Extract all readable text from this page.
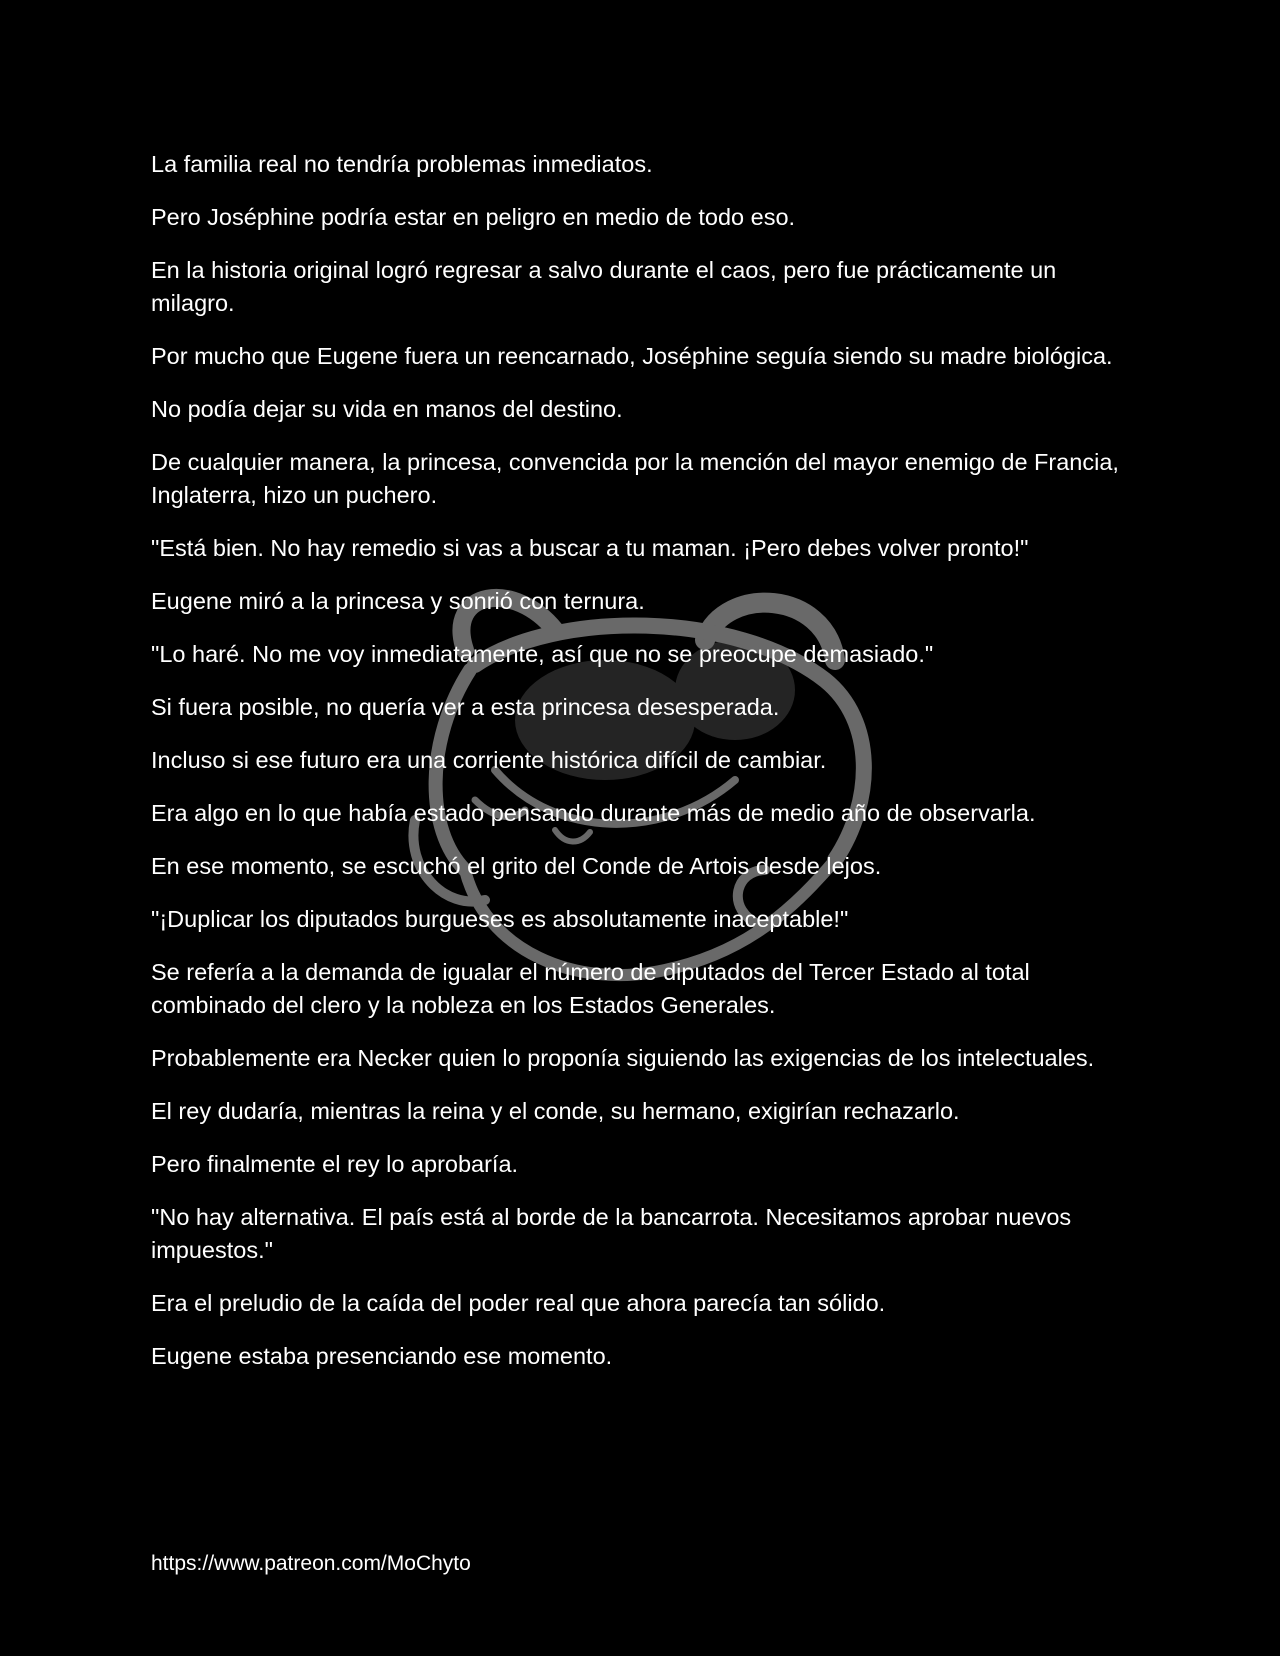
La familia real no tendría problemas inmediatos.

Pero Joséphine podría estar en peligro en medio de todo eso.

En la historia original logró regresar a salvo durante el caos, pero fue prácticamente un milagro.

Por mucho que Eugene fuera un reencarnado, Joséphine seguía siendo su madre biológica.

No podía dejar su vida en manos del destino.

De cualquier manera, la princesa, convencida por la mención del mayor enemigo de Francia, Inglaterra, hizo un puchero.

"Está bien. No hay remedio si vas a buscar a tu maman. ¡Pero debes volver pronto!"

Eugene miró a la princesa y sonrió con ternura.

"Lo haré. No me voy inmediatamente, así que no se preocupe demasiado."

Si fuera posible, no quería ver a esta princesa desesperada.

Incluso si ese futuro era una corriente histórica difícil de cambiar.

Era algo en lo que había estado pensando durante más de medio año de observarla.

En ese momento, se escuchó el grito del Conde de Artois desde lejos.

"¡Duplicar los diputados burgueses es absolutamente inaceptable!"

Se refería a la demanda de igualar el número de diputados del Tercer Estado al total combinado del clero y la nobleza en los Estados Generales.

Probablemente era Necker quien lo proponía siguiendo las exigencias de los intelectuales.

El rey dudaría, mientras la reina y el conde, su hermano, exigirían rechazarlo.

Pero finalmente el rey lo aprobaría.

"No hay alternativa. El país está al borde de la bancarrota. Necesitamos aprobar nuevos impuestos."

Era el preludio de la caída del poder real que ahora parecía tan sólido.

Eugene estaba presenciando ese momento.

https://www.patreon.com/MoChyto
